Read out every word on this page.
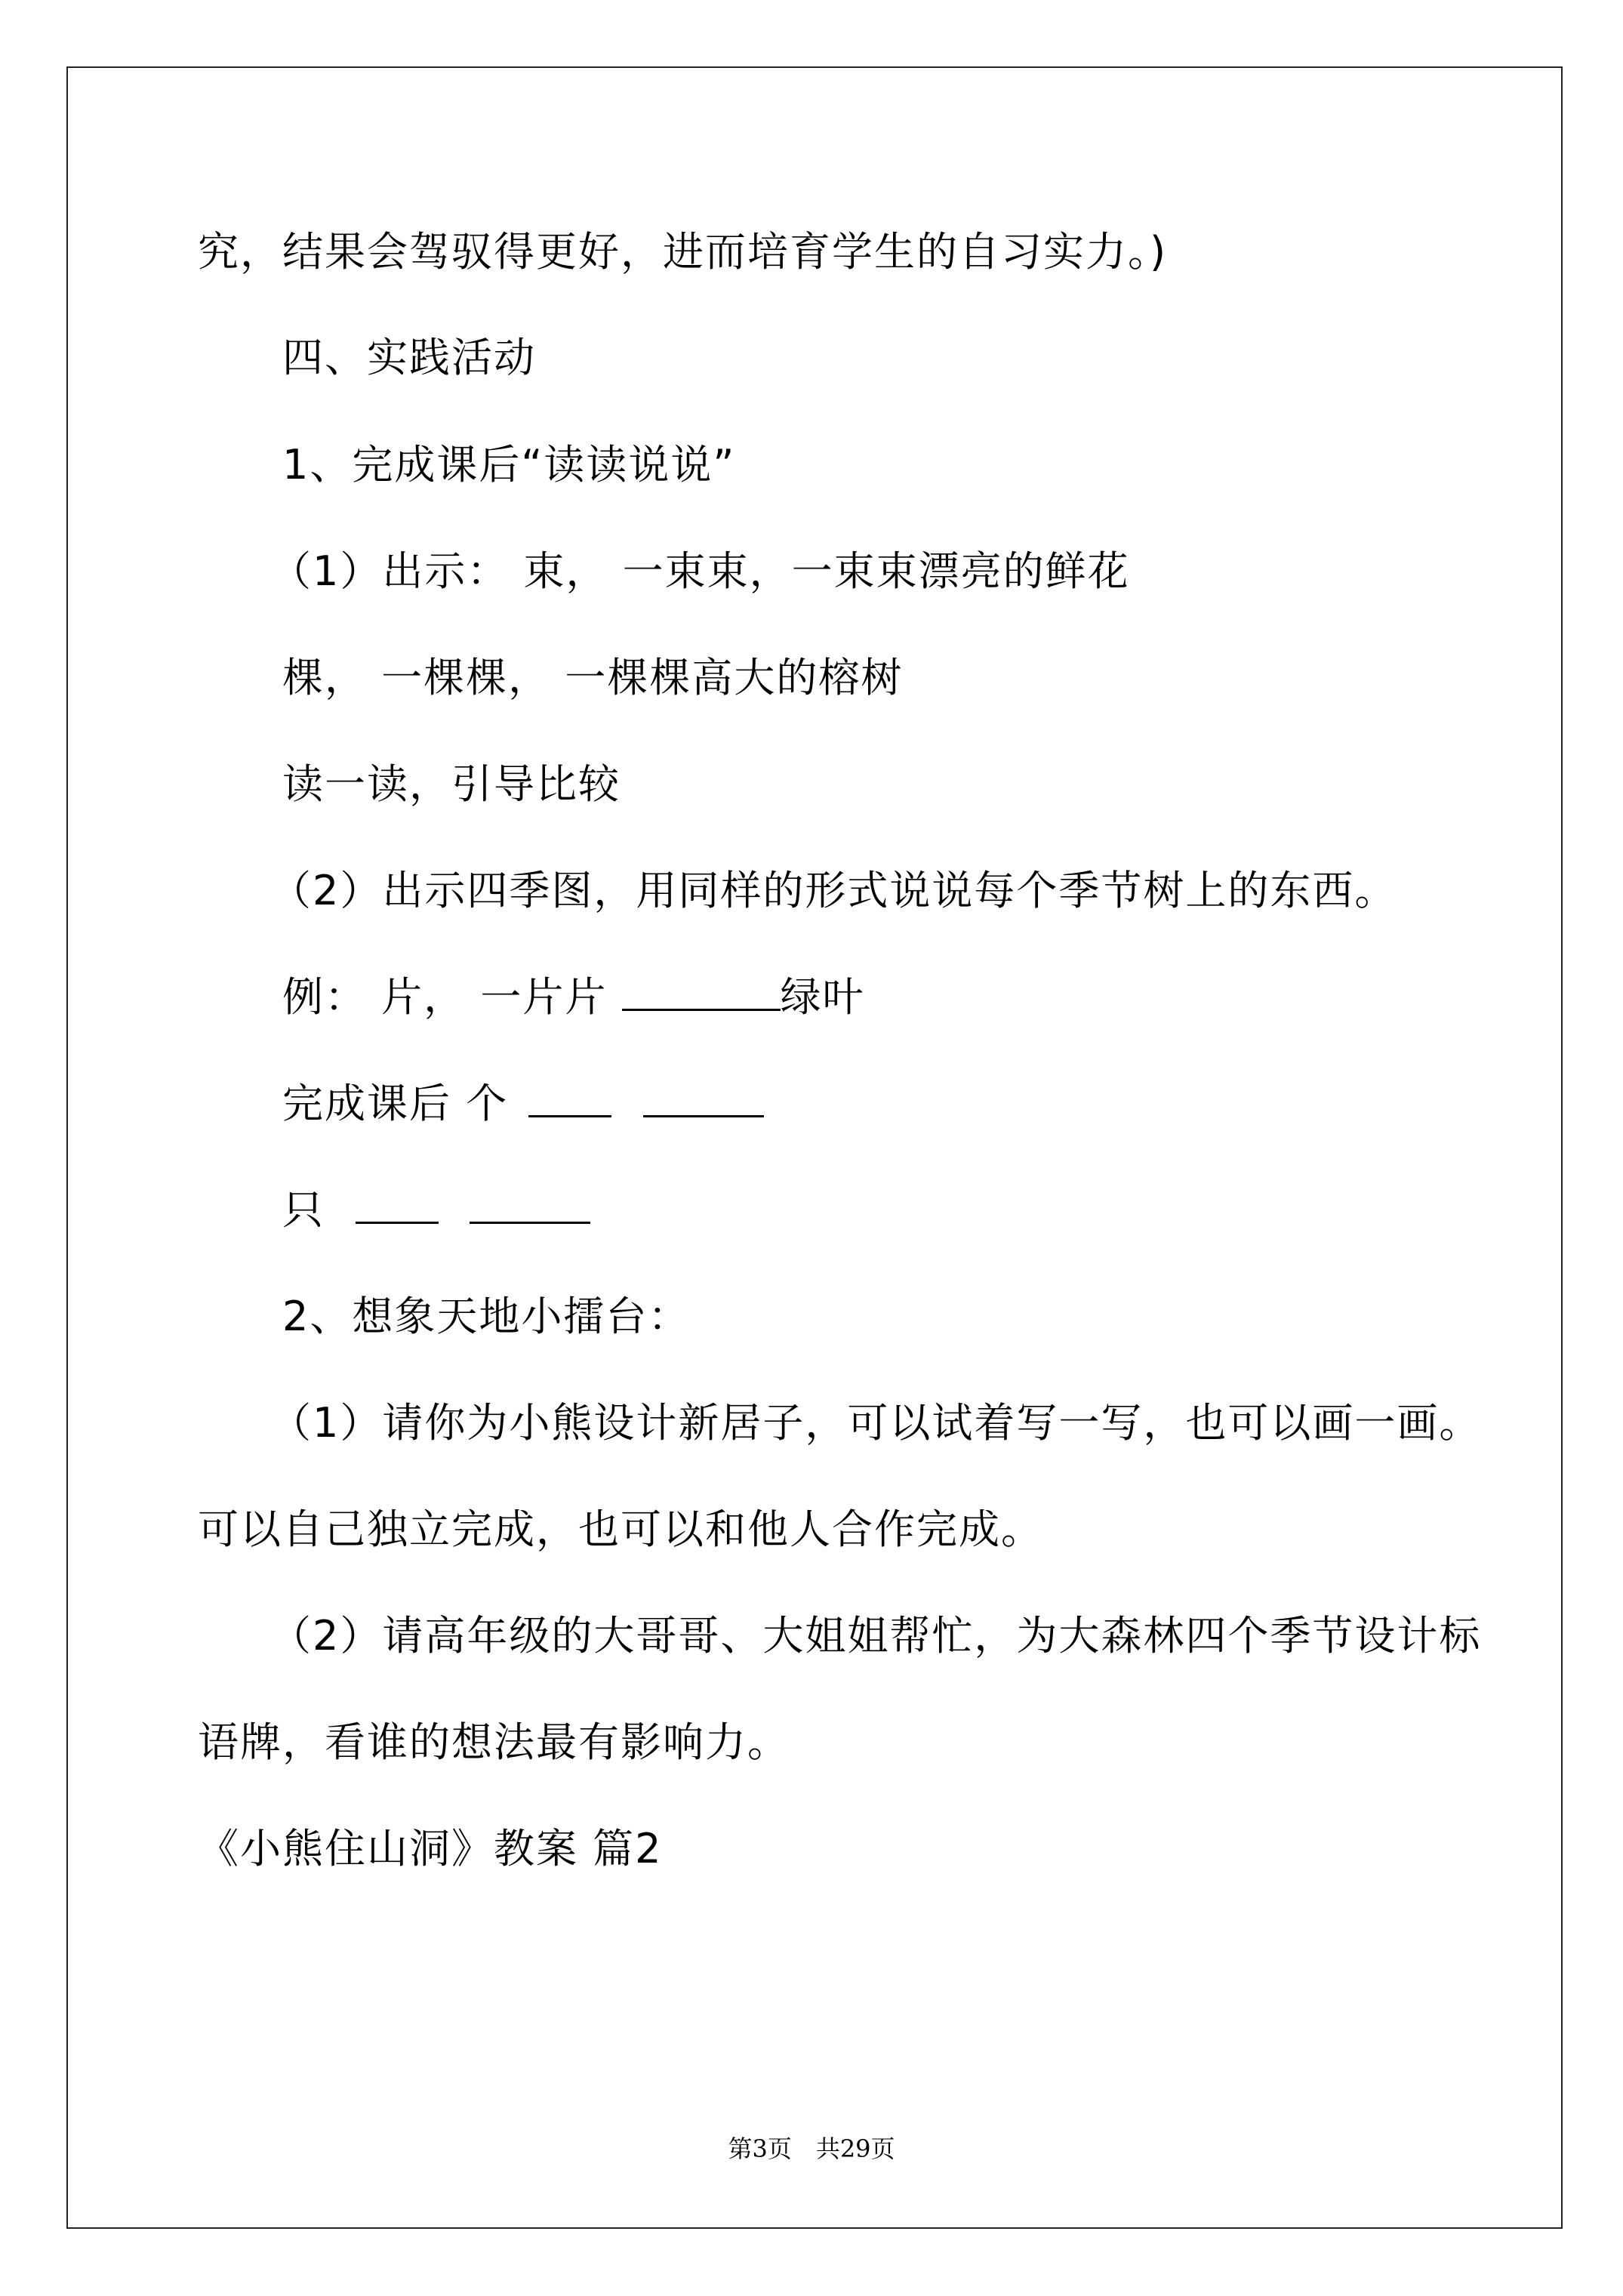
究，结果会驾驭得更好，进而培育学生的自习实力。)
四、实践活动
1、完成课后“读读说说”
（1）出示： 束， 一束束，一束束漂亮的鲜花
棵， 一棵棵， 一棵棵高大的榕树
读一读，引导比较
（2）出示四季图，用同样的形式说说每个季节树上的东西。
例： 片， 一片片	绿叶
完成课后 个
只
2、想象天地小擂台：
（1）请你为小熊设计新居子，可以试着写一写，也可以画一画。
可以自己独立完成，也可以和他人合作完成。
（2）请高年级的大哥哥、大姐姐帮忙，为大森林四个季节设计标
语牌，看谁的想法最有影响力。
《小熊住山洞》教案 篇2
第3页　共29页
